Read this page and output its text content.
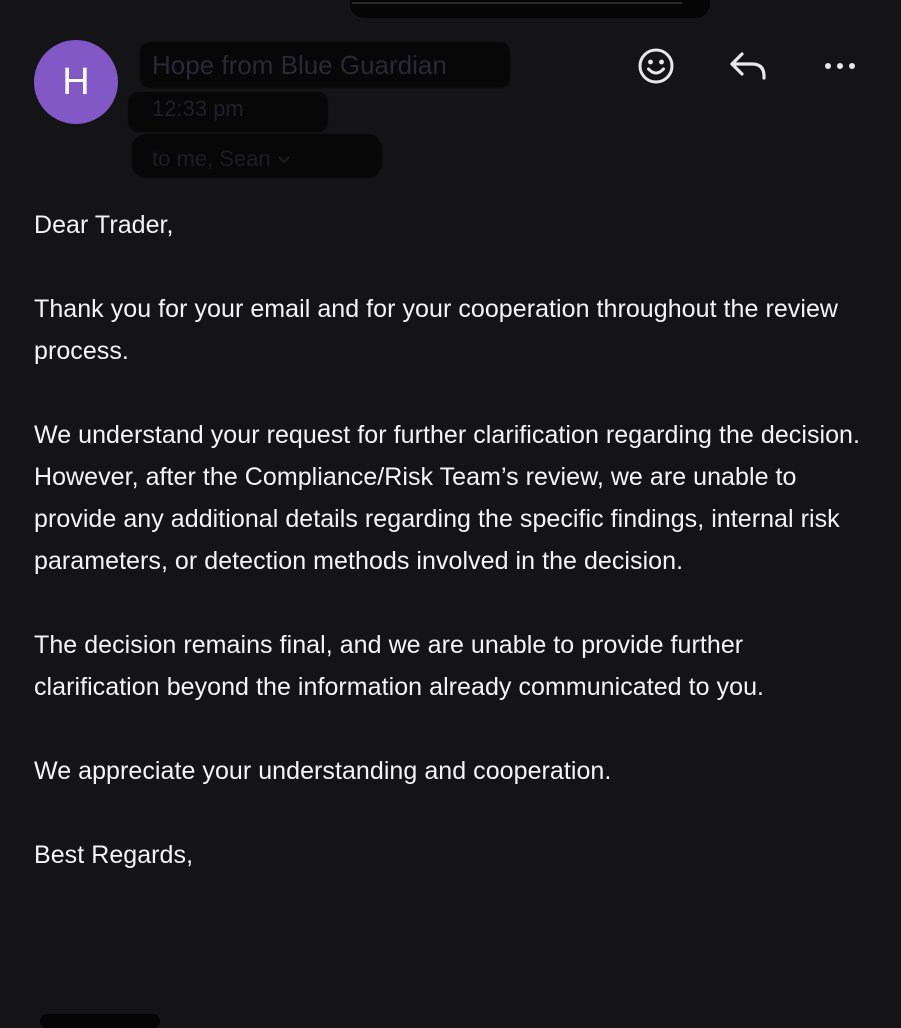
H Hope from Blue Guardian
12:33 pm
to me, Sean

Dear Trader,

Thank you for your email and for your cooperation throughout the review process.

We understand your request for further clarification regarding the decision. However, after the Compliance/Risk Team’s review, we are unable to provide any additional details regarding the specific findings, internal risk parameters, or detection methods involved in the decision.

The decision remains final, and we are unable to provide further clarification beyond the information already communicated to you.

We appreciate your understanding and cooperation.

Best Regards,
